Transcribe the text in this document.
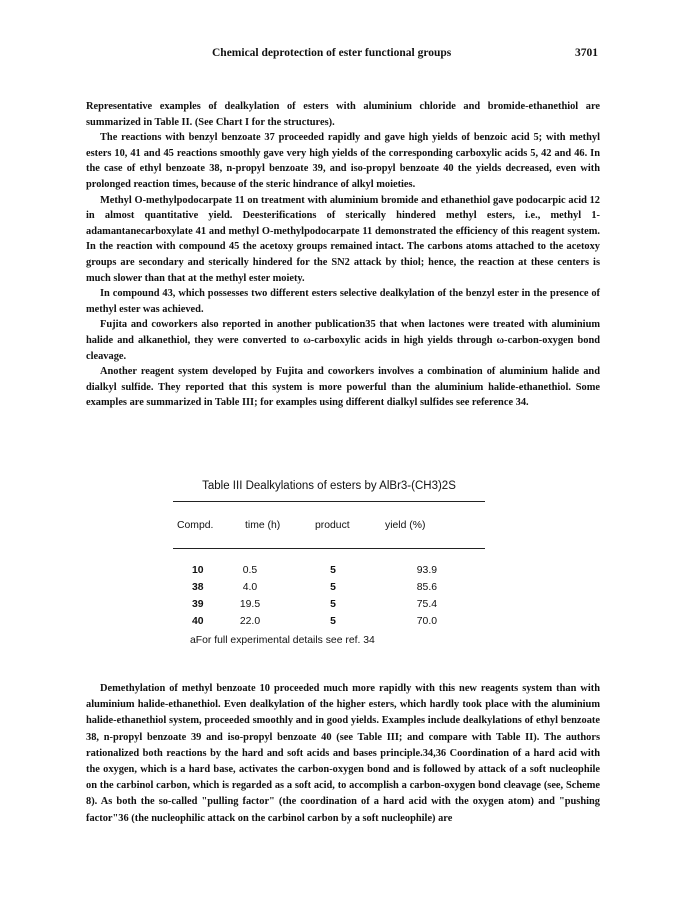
Chemical deprotection of ester functional groups	3701

Representative examples of dealkylation of esters with aluminium chloride and bromide-ethanethiol are summarized in Table II. (See Chart I for the structures).

The reactions with benzyl benzoate 37 proceeded rapidly and gave high yields of benzoic acid 5; with methyl esters 10, 41 and 45 reactions smoothly gave very high yields of the corresponding carboxylic acids 5, 42 and 46. In the case of ethyl benzoate 38, n-propyl benzoate 39, and iso-propyl benzoate 40 the yields decreased, even with prolonged reaction times, because of the steric hindrance of alkyl moieties.

Methyl O-methylpodocarpate 11 on treatment with aluminium bromide and ethanethiol gave podocarpic acid 12 in almost quantitative yield. Deesterifications of sterically hindered methyl esters, i.e., methyl 1-adamantanecarboxylate 41 and methyl O-methylpodocarpate 11 demonstrated the efficiency of this reagent system. In the reaction with compound 45 the acetoxy groups remained intact. The carbons atoms attached to the acetoxy groups are secondary and sterically hindered for the SN2 attack by thiol; hence, the reaction at these centers is much slower than that at the methyl ester moiety.

In compound 43, which possesses two different esters selective dealkylation of the benzyl ester in the presence of methyl ester was achieved.

Fujita and coworkers also reported in another publication35 that when lactones were treated with aluminium halide and alkanethiol, they were converted to ω-carboxylic acids in high yields through ω-carbon-oxygen bond cleavage.

Another reagent system developed by Fujita and coworkers involves a combination of aluminium halide and dialkyl sulfide. They reported that this system is more powerful than the aluminium halide-ethanethiol. Some examples are summarized in Table III; for examples using different dialkyl sulfides see reference 34.

Table III Dealkylations of esters by AlBr3-(CH3)2S
Compd.	time (h)	product	yield (%)
10	0.5	5	93.9
38	4.0	5	85.6
39	19.5	5	75.4
40	22.0	5	70.0
aFor full experimental details see ref. 34

Demethylation of methyl benzoate 10 proceeded much more rapidly with this new reagents system than with aluminium halide-ethanethiol. Even dealkylation of the higher esters, which hardly took place with the aluminium halide-ethanethiol system, proceeded smoothly and in good yields. Examples include dealkylations of ethyl benzoate 38, n-propyl benzoate 39 and iso-propyl benzoate 40 (see Table III; and compare with Table II). The authors rationalized both reactions by the hard and soft acids and bases principle.34,36 Coordination of a hard acid with the oxygen, which is a hard base, activates the carbon-oxygen bond and is followed by attack of a soft nucleophile on the carbinol carbon, which is regarded as a soft acid, to accomplish a carbon-oxygen bond cleavage (see, Scheme 8). As both the so-called "pulling factor" (the coordination of a hard acid with the oxygen atom) and "pushing factor"36 (the nucleophilic attack on the carbinol carbon by a soft nucleophile) are
